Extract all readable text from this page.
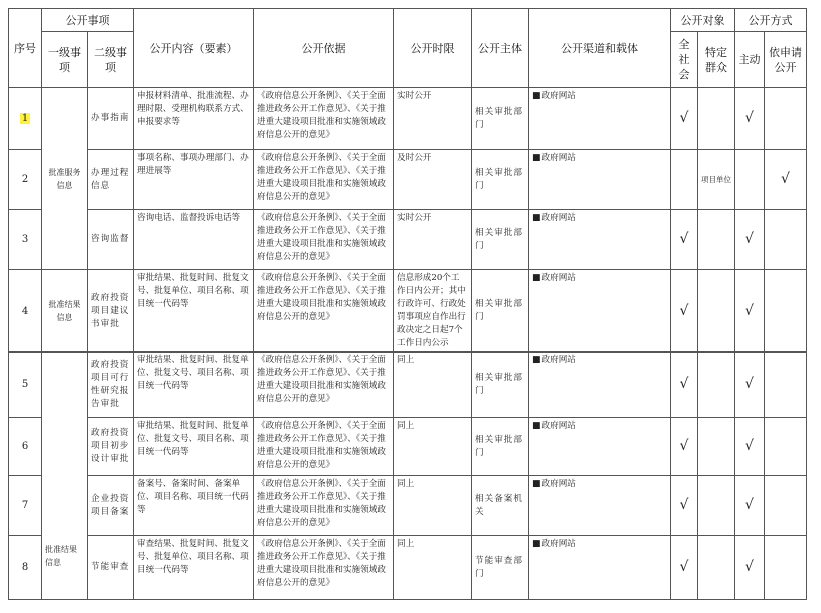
序号	公开事项		公开内容（要素）	公开依据	公开时限	公开主体	公开渠道和载体	公开对象		公开方式	
	一级事项	二级事项						全社会	特定群众	主动	依申请公开
1	批准服务信息	办事指南	申报材料清单、批准流程、办理时限、受理机构联系方式、申报要求等	《政府信息公开条例》、《关于全面推进政务公开工作意见》、《关于推进重大建设项目批准和实施领域政府信息公开的意见》	实时公开	相关审批部门	■ 政府网站	√		√	
2		办理过程信息	事项名称、事项办理部门、办理进展等	《政府信息公开条例》、《关于全面推进政务公开工作意见》、《关于推进重大建设项目批准和实施领域政府信息公开的意见》	及时公开	相关审批部门	■ 政府网站		项目单位		√
3		咨询监督	咨询电话、监督投诉电话等	《政府信息公开条例》、《关于全面推进政务公开工作意见》、《关于推进重大建设项目批准和实施领域政府信息公开的意见》	实时公开	相关审批部门	■ 政府网站	√		√	
4	批准结果信息	政府投资项目建议书审批	审批结果、批复时间、批复文号、批复单位、项目名称、项目统一代码等	《政府信息公开条例》、《关于全面推进政务公开工作意见》、《关于推进重大建设项目批准和实施领域政府信息公开的意见》	信息形成20个工作日内公开；其中行政许可、行政处罚事项应自作出行政决定之日起7个工作日内公示	相关审批部门	■ 政府网站	√		√	
5	批准结果信息	政府投资项目可行性研究报告审批	审批结果、批复时间、批复单位、批复文号、项目名称、项目统一代码等	《政府信息公开条例》、《关于全面推进政务公开工作意见》、《关于推进重大建设项目批准和实施领域政府信息公开的意见》	同上	相关审批部门	■ 政府网站	√		√	
6		政府投资项目初步设计审批	审批结果、批复时间、批复单位、批复文号、项目名称、项目统一代码等	《政府信息公开条例》、《关于全面推进政务公开工作意见》、《关于推进重大建设项目批准和实施领域政府信息公开的意见》	同上	相关审批部门	■ 政府网站	√		√	
7		企业投资项目备案	备案号、备案时间、备案单位、项目名称、项目统一代码等	《政府信息公开条例》、《关于全面推进政务公开工作意见》、《关于推进重大建设项目批准和实施领域政府信息公开的意见》	同上	相关备案机关	■ 政府网站	√		√	
8		节能审查	审查结果、批复时间、批复文号、批复单位、项目名称、项目统一代码等	《政府信息公开条例》、《关于全面推进政务公开工作意见》、《关于推进重大建设项目批准和实施领域政府信息公开的意见》	同上	节能审查部门	■ 政府网站	√		√	
